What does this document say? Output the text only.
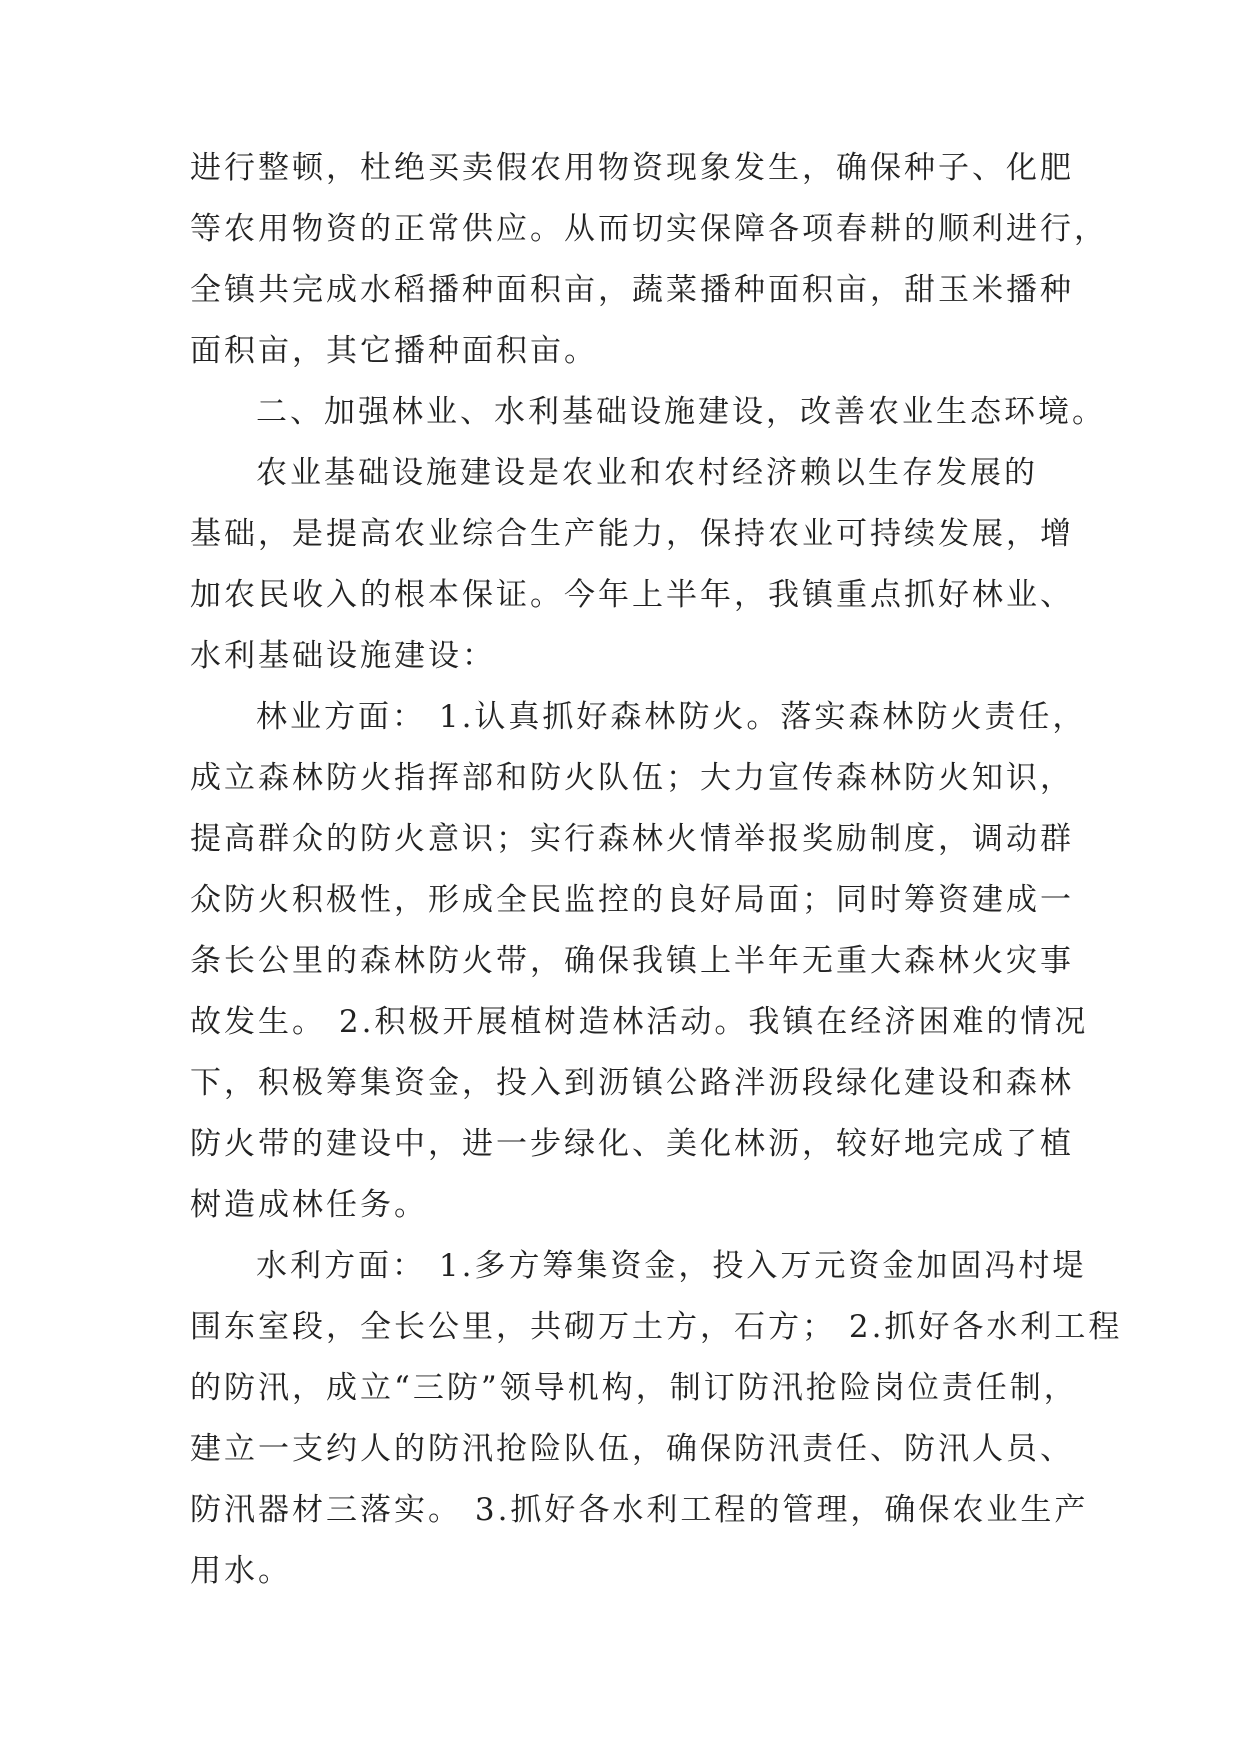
进行整顿，杜绝买卖假农用物资现象发生，确保种子、化肥
等农用物资的正常供应。从而切实保障各项春耕的顺利进行，
全镇共完成水稻播种面积亩，蔬菜播种面积亩，甜玉米播种
面积亩，其它播种面积亩。
二、加强林业、水利基础设施建设，改善农业生态环境。
农业基础设施建设是农业和农村经济赖以生存发展的
基础，是提高农业综合生产能力，保持农业可持续发展，增
加农民收入的根本保证。今年上半年，我镇重点抓好林业、
水利基础设施建设：
林业方面： 1.认真抓好森林防火。落实森林防火责任，
成立森林防火指挥部和防火队伍；大力宣传森林防火知识，
提高群众的防火意识；实行森林火情举报奖励制度，调动群
众防火积极性，形成全民监控的良好局面；同时筹资建成一
条长公里的森林防火带，确保我镇上半年无重大森林火灾事
故发生。 2.积极开展植树造林活动。我镇在经济困难的情况
下，积极筹集资金，投入到沥镇公路泮沥段绿化建设和森林
防火带的建设中，进一步绿化、美化林沥，较好地完成了植
树造成林任务。
水利方面： 1.多方筹集资金，投入万元资金加固冯村堤
围东室段，全长公里，共砌万土方，石方； 2.抓好各水利工程
的防汛，成立“三防”领导机构，制订防汛抢险岗位责任制，
建立一支约人的防汛抢险队伍，确保防汛责任、防汛人员、
防汛器材三落实。 3.抓好各水利工程的管理，确保农业生产
用水。
